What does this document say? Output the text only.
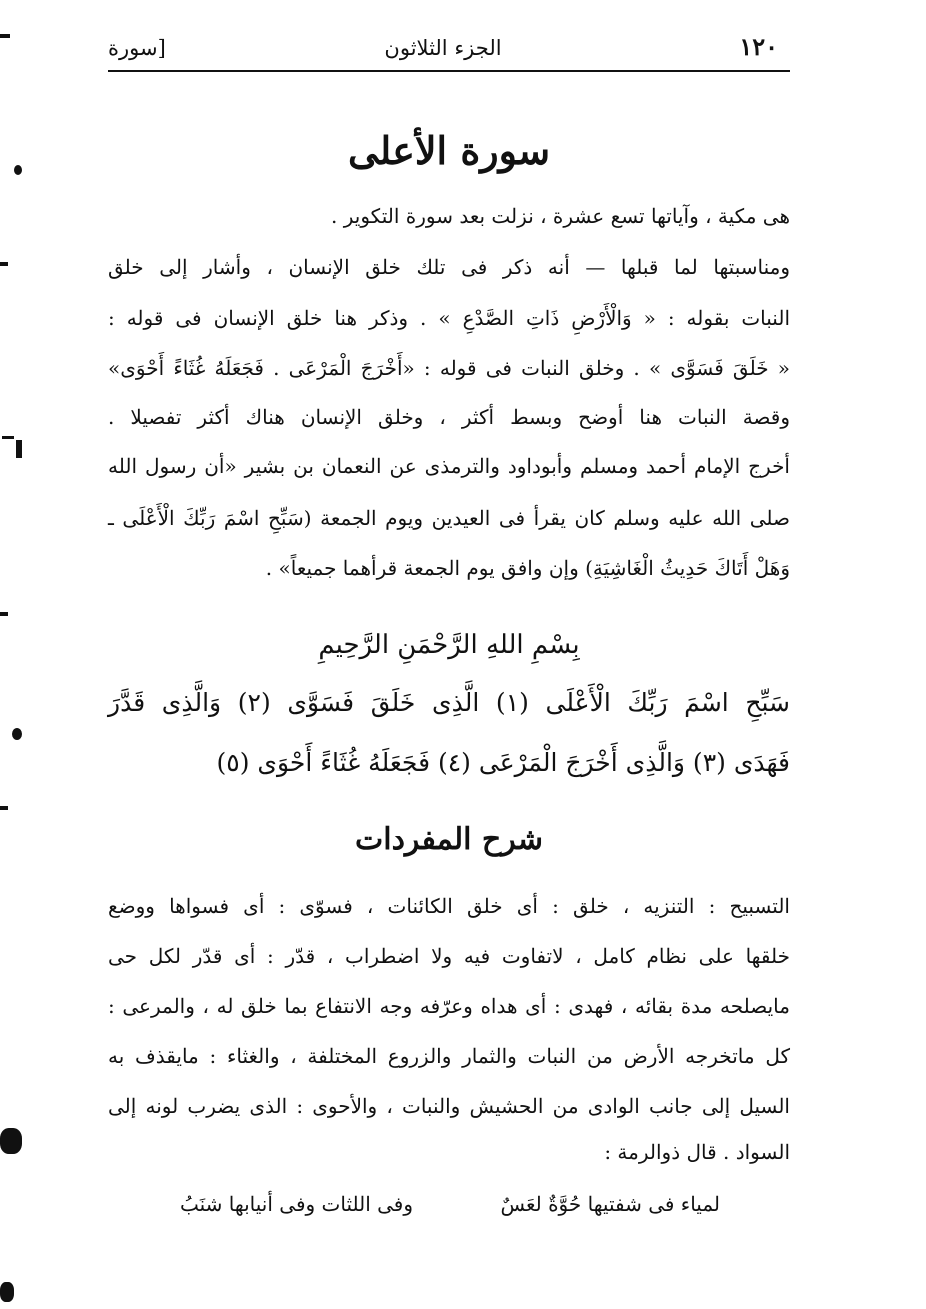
١٢٠
الجزء الثلاثون
[سورة
سورة الأعلى
هى مكية ، وآياتها تسع عشرة ، نزلت بعد سورة التكوير .
ومناسبتها لما قبلها — أنه ذكر فى تلك خلق الإنسان ، وأشار إلى خلق
النبات بقوله : « وَالْأَرْضِ ذَاتِ الصَّدْعِ » . وذكر هنا خلق الإنسان فى قوله :
« خَلَقَ فَسَوَّى » . وخلق النبات فى قوله : «أَخْرَجَ الْمَرْعَى . فَجَعَلَهُ غُثَاءً أَحْوَى»
وقصة النبات هنا أوضح وبسط أكثر ، وخلق الإنسان هناك أكثر تفصيلا .
أخرج الإمام أحمد ومسلم وأبوداود والترمذى عن النعمان بن بشير «أن رسول الله
صلى الله عليه وسلم كان يقرأ فى العيدين ويوم الجمعة (سَبِّحِ اسْمَ رَبِّكَ الْأَعْلَى ـ
وَهَلْ أَتَاكَ حَدِيثُ الْغَاشِيَةِ) وإن وافق يوم الجمعة قرأهما جميعاً» .
بِسْمِ اللهِ الرَّحْمَنِ الرَّحِيمِ
سَبِّحِ اسْمَ رَبِّكَ الْأَعْلَى (١) الَّذِى خَلَقَ فَسَوَّى (٢) وَالَّذِى قَدَّرَ
فَهَدَى (٣) وَالَّذِى أَخْرَجَ الْمَرْعَى (٤) فَجَعَلَهُ غُثَاءً أَحْوَى (٥)
شرح المفردات
التسبيح : التنزيه ، خلق : أى خلق الكائنات ، فسوّى : أى فسواها ووضع
خلقها على نظام كامل ، لاتفاوت فيه ولا اضطراب ، قدّر : أى قدّر لكل حى
مايصلحه مدة بقائه ، فهدى : أى هداه وعرّفه وجه الانتفاع بما خلق له ، والمرعى :
كل ماتخرجه الأرض من النبات والثمار والزروع المختلفة ، والغثاء : مايقذف به
السيل إلى جانب الوادى من الحشيش والنبات ، والأحوى : الذى يضرب لونه إلى
السواد . قال ذوالرمة :
لمياء فى شفتيها حُوَّةٌ لعَسٌ
وفى اللثات وفى أنيابها شنَبُ
